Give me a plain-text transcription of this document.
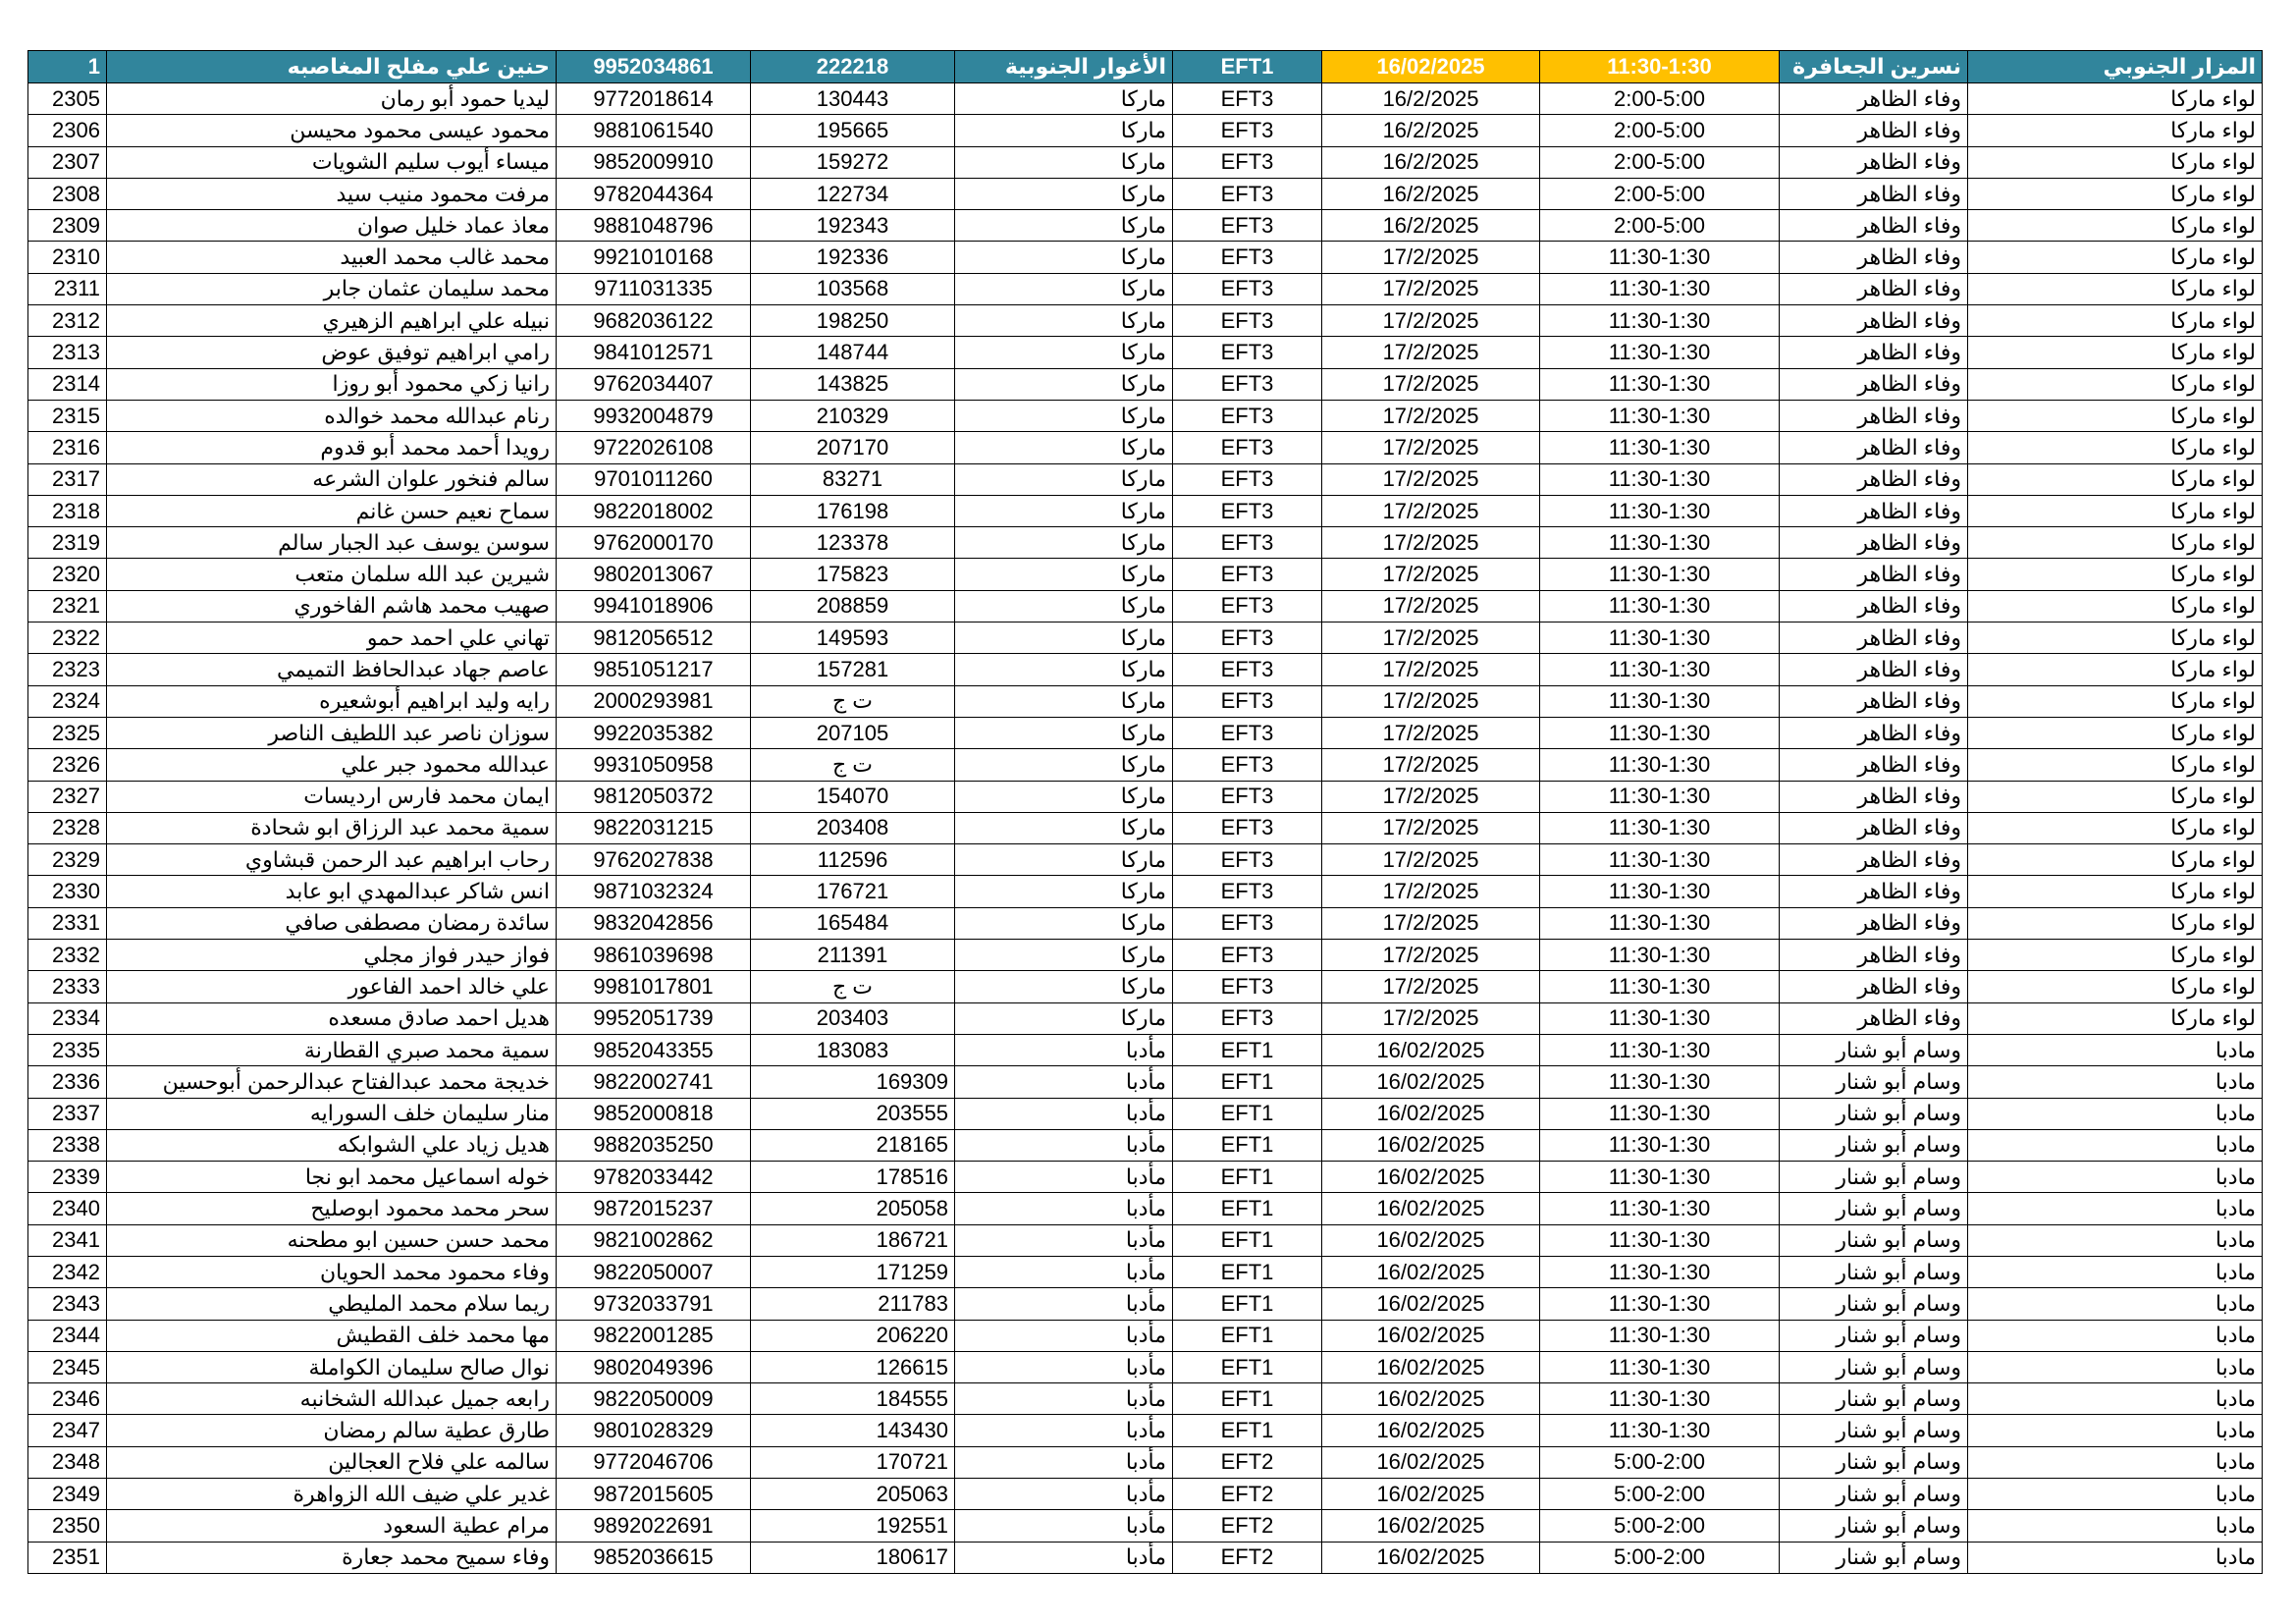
1	حنين علي مفلح المغاصبه	9952034861	222218	الأغوار الجنوبية	EFT1	16/02/2025	11:30-1:30	نسرين الجعافرة	المزار الجنوبي
2305	ليديا حمود أبو رمان	9772018614	130443	ماركا	EFT3	16/2/2025	2:00-5:00	وفاء الظاهر	لواء ماركا
2306	محمود عيسى محمود محيسن	9881061540	195665	ماركا	EFT3	16/2/2025	2:00-5:00	وفاء الظاهر	لواء ماركا
2307	ميساء أيوب سليم الشويات	9852009910	159272	ماركا	EFT3	16/2/2025	2:00-5:00	وفاء الظاهر	لواء ماركا
2308	مرفت محمود منيب سيد	9782044364	122734	ماركا	EFT3	16/2/2025	2:00-5:00	وفاء الظاهر	لواء ماركا
2309	معاذ عماد خليل صوان	9881048796	192343	ماركا	EFT3	16/2/2025	2:00-5:00	وفاء الظاهر	لواء ماركا
2310	محمد غالب محمد العبيد	9921010168	192336	ماركا	EFT3	17/2/2025	11:30-1:30	وفاء الظاهر	لواء ماركا
2311	محمد سليمان عثمان جابر	9711031335	103568	ماركا	EFT3	17/2/2025	11:30-1:30	وفاء الظاهر	لواء ماركا
2312	نبيله علي ابراهيم الزهيري	9682036122	198250	ماركا	EFT3	17/2/2025	11:30-1:30	وفاء الظاهر	لواء ماركا
2313	رامي ابراهيم توفيق عوض	9841012571	148744	ماركا	EFT3	17/2/2025	11:30-1:30	وفاء الظاهر	لواء ماركا
2314	رانيا زكي محمود أبو روزا	9762034407	143825	ماركا	EFT3	17/2/2025	11:30-1:30	وفاء الظاهر	لواء ماركا
2315	رنام عبدالله محمد خوالده	9932004879	210329	ماركا	EFT3	17/2/2025	11:30-1:30	وفاء الظاهر	لواء ماركا
2316	رويدا أحمد محمد أبو قدوم	9722026108	207170	ماركا	EFT3	17/2/2025	11:30-1:30	وفاء الظاهر	لواء ماركا
2317	سالم فنخور علوان الشرعه	9701011260	83271	ماركا	EFT3	17/2/2025	11:30-1:30	وفاء الظاهر	لواء ماركا
2318	سماح نعيم حسن غانم	9822018002	176198	ماركا	EFT3	17/2/2025	11:30-1:30	وفاء الظاهر	لواء ماركا
2319	سوسن يوسف عبد الجبار سالم	9762000170	123378	ماركا	EFT3	17/2/2025	11:30-1:30	وفاء الظاهر	لواء ماركا
2320	شيرين عبد الله سلمان متعب	9802013067	175823	ماركا	EFT3	17/2/2025	11:30-1:30	وفاء الظاهر	لواء ماركا
2321	صهيب محمد هاشم الفاخوري	9941018906	208859	ماركا	EFT3	17/2/2025	11:30-1:30	وفاء الظاهر	لواء ماركا
2322	تهاني علي احمد حمو	9812056512	149593	ماركا	EFT3	17/2/2025	11:30-1:30	وفاء الظاهر	لواء ماركا
2323	عاصم جهاد عبدالحافظ التميمي	9851051217	157281	ماركا	EFT3	17/2/2025	11:30-1:30	وفاء الظاهر	لواء ماركا
2324	رايه وليد ابراهيم أبوشعيره	2000293981	ت ج	ماركا	EFT3	17/2/2025	11:30-1:30	وفاء الظاهر	لواء ماركا
2325	سوزان ناصر عبد اللطيف الناصر	9922035382	207105	ماركا	EFT3	17/2/2025	11:30-1:30	وفاء الظاهر	لواء ماركا
2326	عبدالله محمود جبر علي	9931050958	ت ج	ماركا	EFT3	17/2/2025	11:30-1:30	وفاء الظاهر	لواء ماركا
2327	ايمان محمد فارس ارديسات	9812050372	154070	ماركا	EFT3	17/2/2025	11:30-1:30	وفاء الظاهر	لواء ماركا
2328	سمية محمد عبد الرزاق ابو شحادة	9822031215	203408	ماركا	EFT3	17/2/2025	11:30-1:30	وفاء الظاهر	لواء ماركا
2329	رحاب ابراهيم عبد الرحمن قبشاوي	9762027838	112596	ماركا	EFT3	17/2/2025	11:30-1:30	وفاء الظاهر	لواء ماركا
2330	انس شاكر عبدالمهدي ابو عابد	9871032324	176721	ماركا	EFT3	17/2/2025	11:30-1:30	وفاء الظاهر	لواء ماركا
2331	سائدة رمضان مصطفى صافي	9832042856	165484	ماركا	EFT3	17/2/2025	11:30-1:30	وفاء الظاهر	لواء ماركا
2332	فواز حيدر فواز مجلي	9861039698	211391	ماركا	EFT3	17/2/2025	11:30-1:30	وفاء الظاهر	لواء ماركا
2333	علي خالد احمد الفاعور	9981017801	ت ج	ماركا	EFT3	17/2/2025	11:30-1:30	وفاء الظاهر	لواء ماركا
2334	هديل احمد صادق مسعده	9952051739	203403	ماركا	EFT3	17/2/2025	11:30-1:30	وفاء الظاهر	لواء ماركا
2335	سمية محمد صبري القطارنة	9852043355	183083	مأدبا	EFT1	16/02/2025	11:30-1:30	وسام أبو شنار	مادبا
2336	خديجة محمد عبدالفتاح عبدالرحمن أبوحسين	9822002741	169309	مأدبا	EFT1	16/02/2025	11:30-1:30	وسام أبو شنار	مادبا
2337	منار سليمان خلف السورايه	9852000818	203555	مأدبا	EFT1	16/02/2025	11:30-1:30	وسام أبو شنار	مادبا
2338	هديل زياد علي الشوابكه	9882035250	218165	مأدبا	EFT1	16/02/2025	11:30-1:30	وسام أبو شنار	مادبا
2339	خوله اسماعيل محمد ابو نجا	9782033442	178516	مأدبا	EFT1	16/02/2025	11:30-1:30	وسام أبو شنار	مادبا
2340	سحر محمد محمود ابوصليح	9872015237	205058	مأدبا	EFT1	16/02/2025	11:30-1:30	وسام أبو شنار	مادبا
2341	محمد حسن حسين ابو مطحنه	9821002862	186721	مأدبا	EFT1	16/02/2025	11:30-1:30	وسام أبو شنار	مادبا
2342	وفاء محمود محمد الحويان	9822050007	171259	مأدبا	EFT1	16/02/2025	11:30-1:30	وسام أبو شنار	مادبا
2343	ريما سلام محمد المليطي	9732033791	211783	مأدبا	EFT1	16/02/2025	11:30-1:30	وسام أبو شنار	مادبا
2344	مها محمد خلف القطيش	9822001285	206220	مأدبا	EFT1	16/02/2025	11:30-1:30	وسام أبو شنار	مادبا
2345	نوال صالح سليمان الكواملة	9802049396	126615	مأدبا	EFT1	16/02/2025	11:30-1:30	وسام أبو شنار	مادبا
2346	رابعه جميل عبدالله الشخانبه	9822050009	184555	مأدبا	EFT1	16/02/2025	11:30-1:30	وسام أبو شنار	مادبا
2347	طارق عطية سالم رمضان	9801028329	143430	مأدبا	EFT1	16/02/2025	11:30-1:30	وسام أبو شنار	مادبا
2348	سالمه علي فلاح العجالين	9772046706	170721	مأدبا	EFT2	16/02/2025	5:00-2:00	وسام أبو شنار	مادبا
2349	غدير علي ضيف الله الزواهرة	9872015605	205063	مأدبا	EFT2	16/02/2025	5:00-2:00	وسام أبو شنار	مادبا
2350	مرام عطية السعود	9892022691	192551	مأدبا	EFT2	16/02/2025	5:00-2:00	وسام أبو شنار	مادبا
2351	وفاء سميح محمد جعارة	9852036615	180617	مأدبا	EFT2	16/02/2025	5:00-2:00	وسام أبو شنار	مادبا
